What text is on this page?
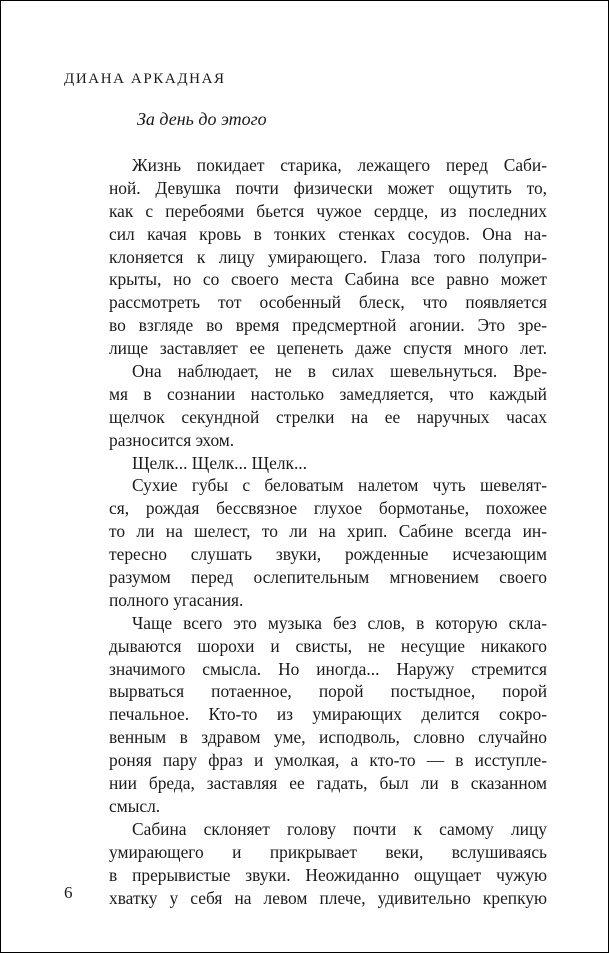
ДИАНА АРКАДНАЯ
За день до этого
Жизнь покидает старика, лежащего перед Саби-
ной. Девушка почти физически может ощутить то,
как с перебоями бьется чужое сердце, из последних
сил качая кровь в тонких стенках сосудов. Она на-
клоняется к лицу умирающего. Глаза того полупри-
крыты, но со своего места Сабина все равно может
рассмотреть тот особенный блеск, что появляется
во взгляде во время предсмертной агонии. Это зре-
лище заставляет ее цепенеть даже спустя много лет.
Она наблюдает, не в силах шевельнуться. Вре-
мя в сознании настолько замедляется, что каждый
щелчок секундной стрелки на ее наручных часах
разносится эхом.
Щелк... Щелк... Щелк...
Сухие губы с беловатым налетом чуть шевелят-
ся, рождая бессвязное глухое бормотанье, похожее
то ли на шелест, то ли на хрип. Сабине всегда ин-
тересно слушать звуки, рожденные исчезающим
разумом перед ослепительным мгновением своего
полного угасания.
Чаще всего это музыка без слов, в которую скла-
дываются шорохи и свисты, не несущие никакого
значимого смысла. Но иногда... Наружу стремится
вырваться потаенное, порой постыдное, порой
печальное. Кто-то из умирающих делится сокро-
венным в здравом уме, исподволь, словно случайно
роняя пару фраз и умолкая, а кто-то — в исступле-
нии бреда, заставляя ее гадать, был ли в сказанном
смысл.
Сабина склоняет голову почти к самому лицу
умирающего и прикрывает веки, вслушиваясь
в прерывистые звуки. Неожиданно ощущает чужую
хватку у себя на левом плече, удивительно крепкую
6
